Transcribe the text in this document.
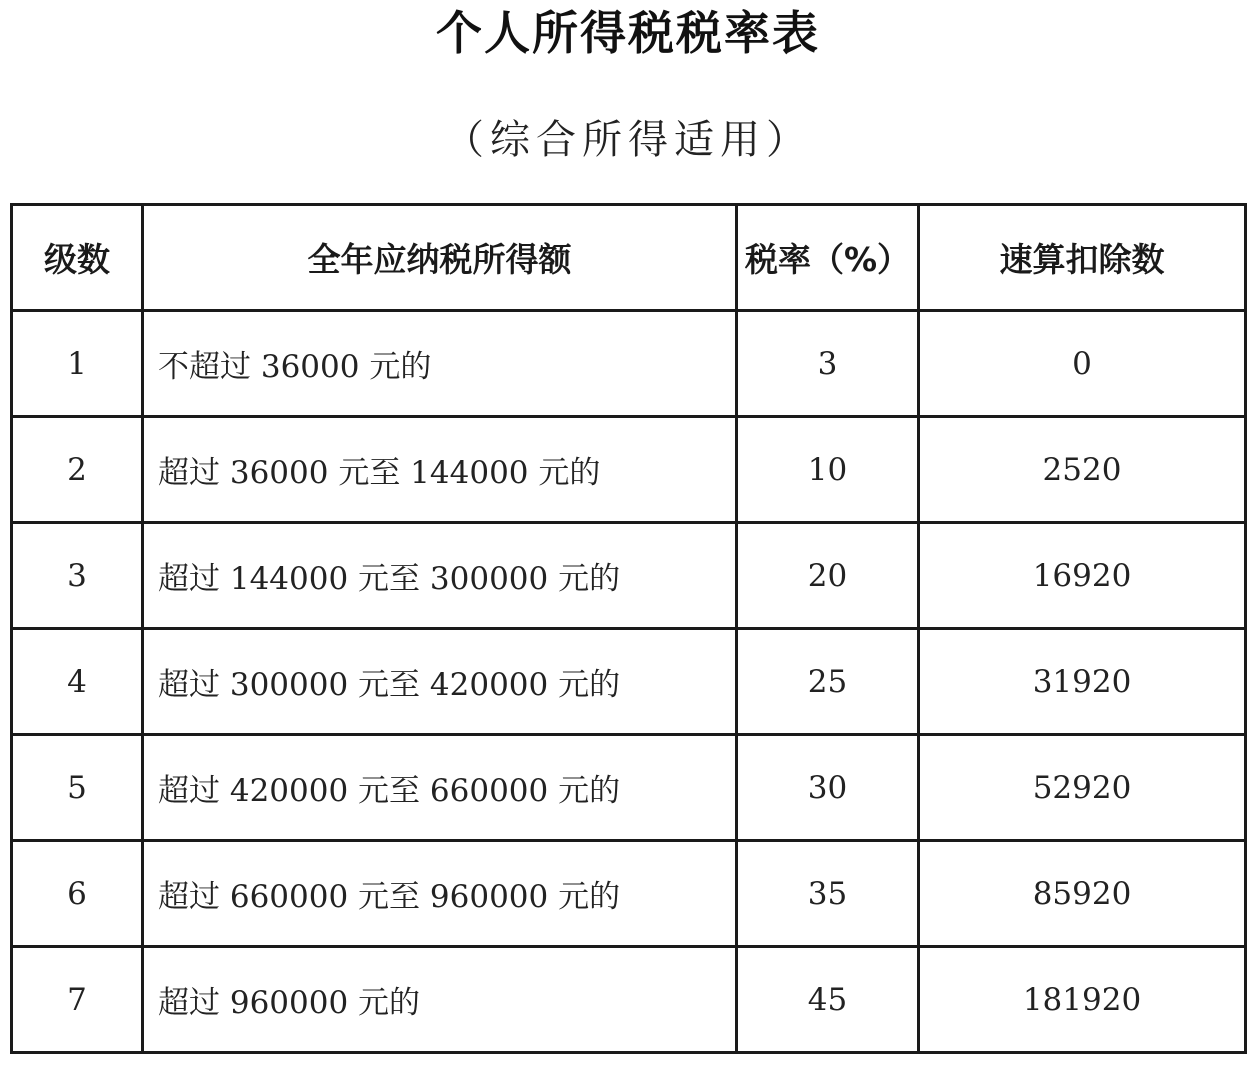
个人所得税税率表
（综合所得适用）
级数	全年应纳税所得额	税率（%）	速算扣除数
1	不超过 36000 元的	3	0
2	超过 36000 元至 144000 元的	10	2520
3	超过 144000 元至 300000 元的	20	16920
4	超过 300000 元至 420000 元的	25	31920
5	超过 420000 元至 660000 元的	30	52920
6	超过 660000 元至 960000 元的	35	85920
7	超过 960000 元的	45	181920
